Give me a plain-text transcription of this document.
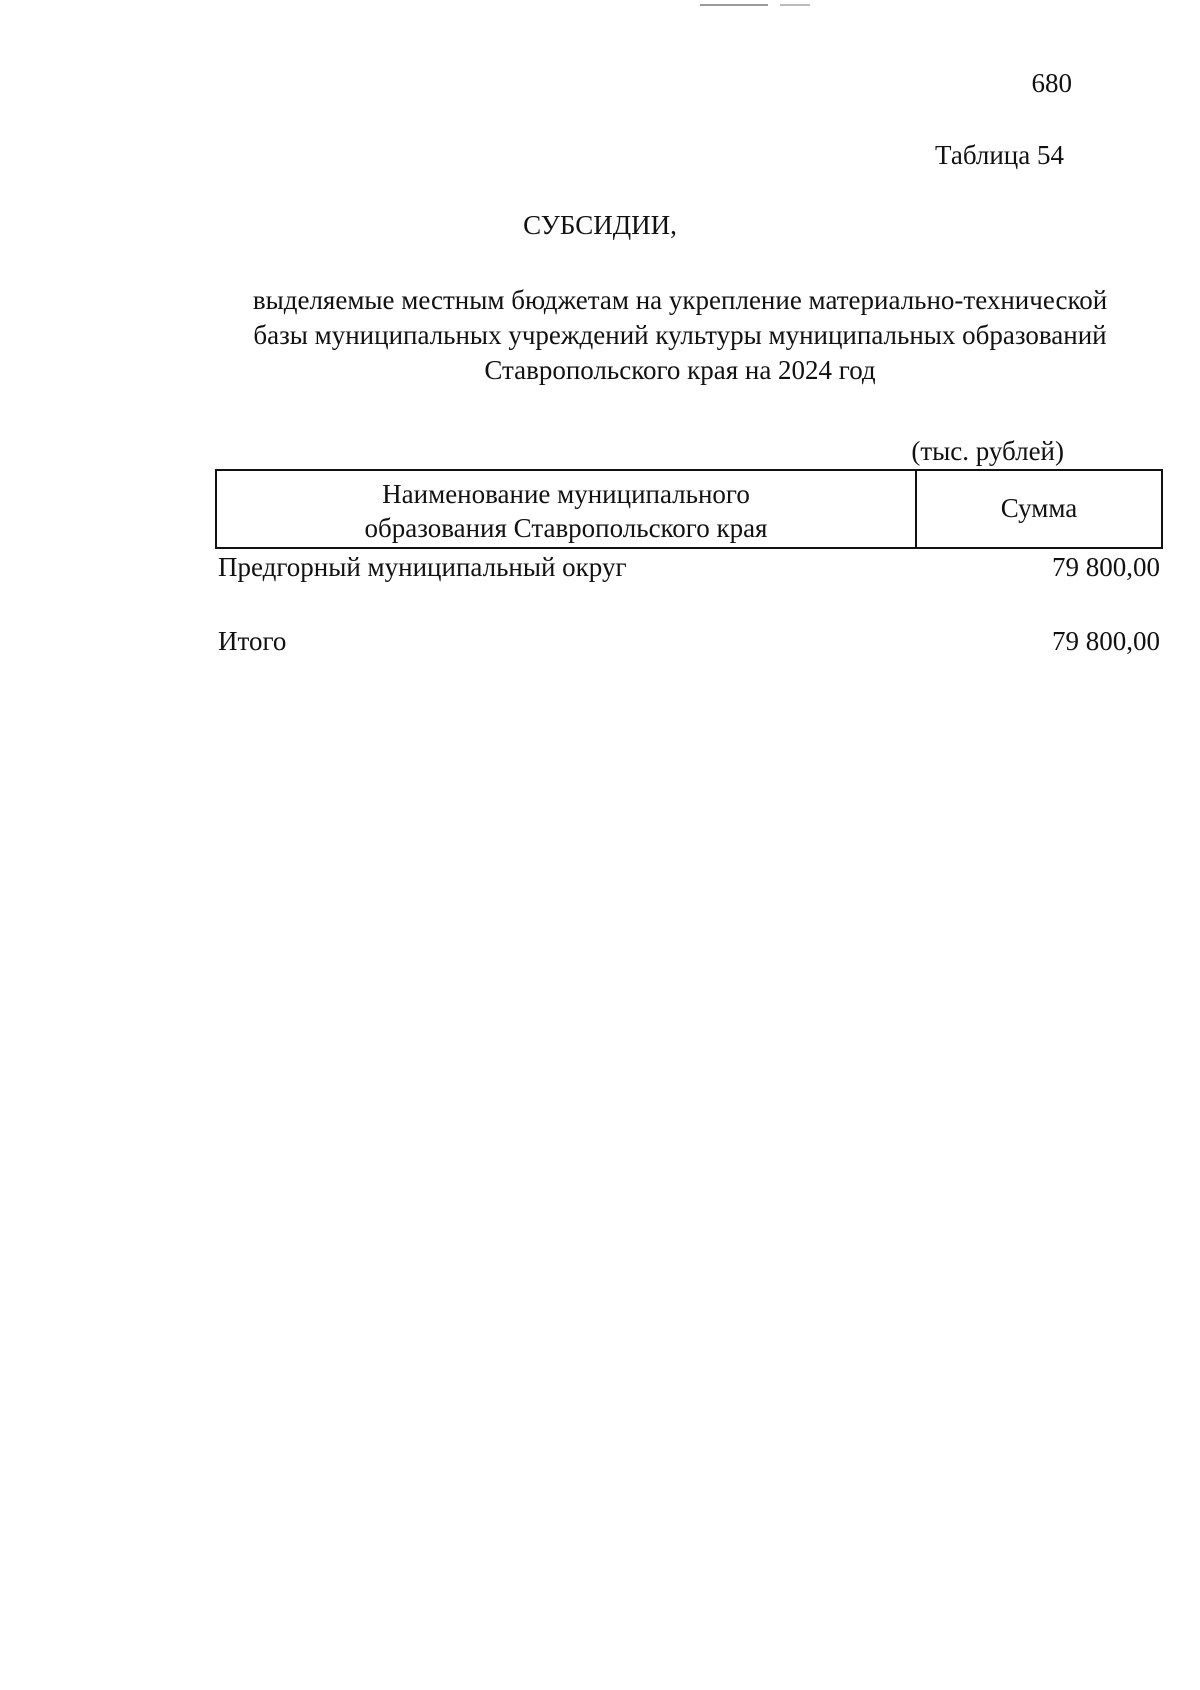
680
Таблица 54
СУБСИДИИ,
выделяемые местным бюджетам на укрепление материально-технической
базы муниципальных учреждений культуры муниципальных образований
Ставропольского края на 2024 год
(тыс. рублей)
Наименование муниципального
образования Ставропольского края
Сумма
Предгорный муниципальный округ	79 800,00
Итого	79 800,00
